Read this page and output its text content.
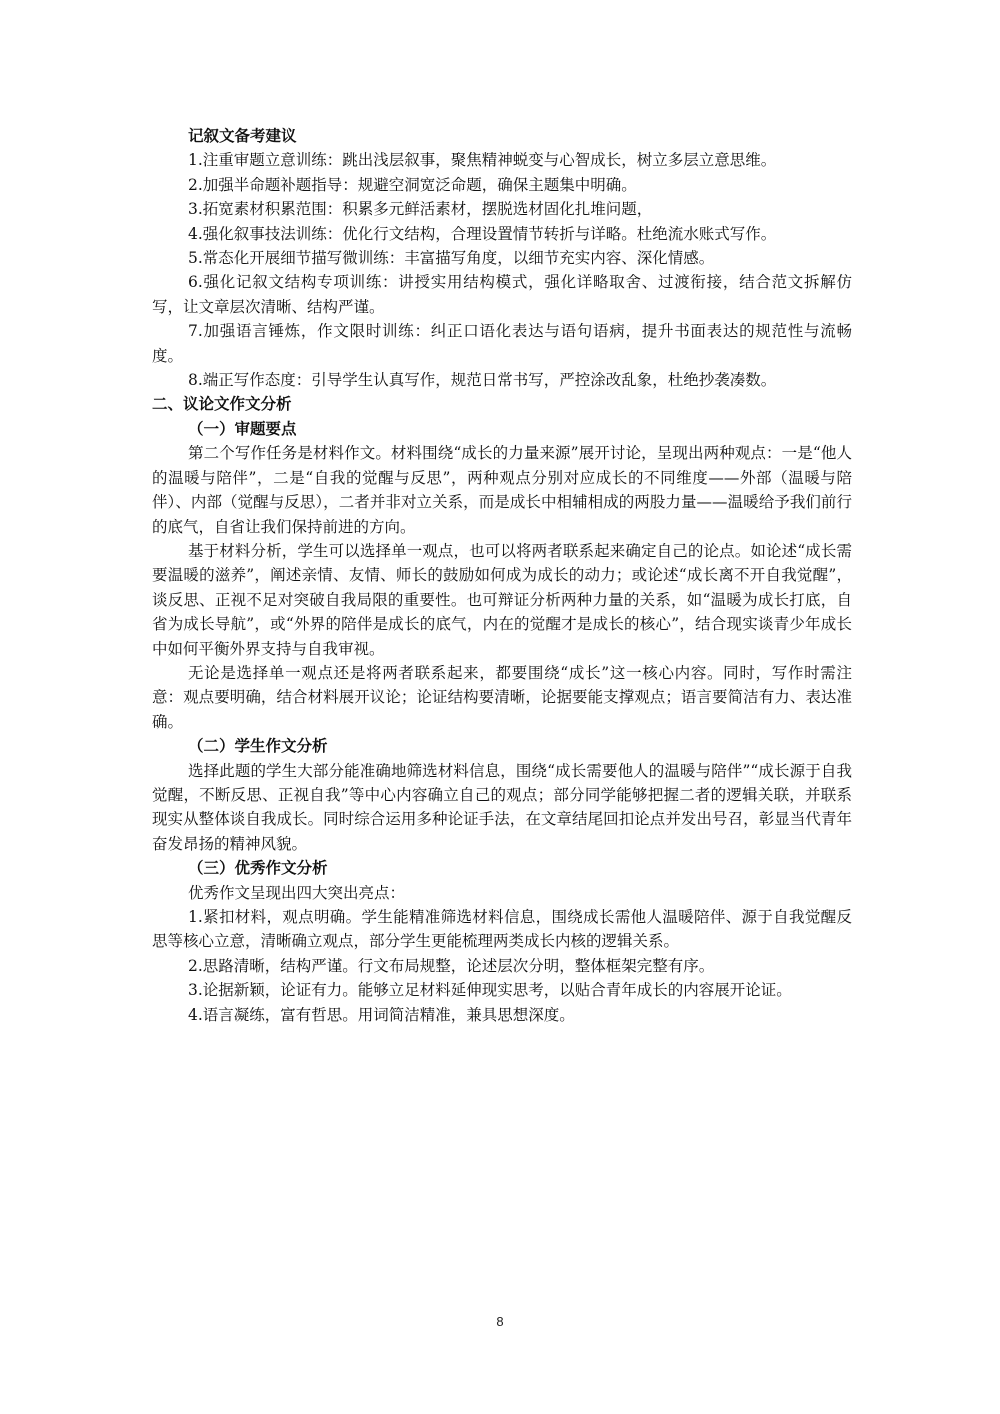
记叙文备考建议

1.注重审题立意训练：跳出浅层叙事，聚焦精神蜕变与心智成长，树立多层立意思维。

2.加强半命题补题指导：规避空洞宽泛命题，确保主题集中明确。

3.拓宽素材积累范围：积累多元鲜活素材，摆脱选材固化扎堆问题，

4.强化叙事技法训练：优化行文结构，合理设置情节转折与详略。杜绝流水账式写作。

5.常态化开展细节描写微训练：丰富描写角度，以细节充实内容、深化情感。

6.强化记叙文结构专项训练：讲授实用结构模式，强化详略取舍、过渡衔接，结合范文拆解仿写，让文章层次清晰、结构严谨。

7.加强语言锤炼，作文限时训练：纠正口语化表达与语句语病，提升书面表达的规范性与流畅度。

8.端正写作态度：引导学生认真写作，规范日常书写，严控涂改乱象，杜绝抄袭凑数。

二、议论文作文分析

（一）审题要点

第二个写作任务是材料作文。材料围绕“成长的力量来源”展开讨论，呈现出两种观点：一是“他人的温暖与陪伴”，二是“自我的觉醒与反思”，两种观点分别对应成长的不同维度——外部（温暖与陪伴）、内部（觉醒与反思），二者并非对立关系，而是成长中相辅相成的两股力量——温暖给予我们前行的底气，自省让我们保持前进的方向。

基于材料分析，学生可以选择单一观点，也可以将两者联系起来确定自己的论点。如论述“成长需要温暖的滋养”，阐述亲情、友情、师长的鼓励如何成为成长的动力；或论述“成长离不开自我觉醒”，谈反思、正视不足对突破自我局限的重要性。也可辩证分析两种力量的关系，如“温暖为成长打底，自省为成长导航”，或“外界的陪伴是成长的底气，内在的觉醒才是成长的核心”，结合现实谈青少年成长中如何平衡外界支持与自我审视。

无论是选择单一观点还是将两者联系起来，都要围绕“成长”这一核心内容。同时，写作时需注意：观点要明确，结合材料展开议论；论证结构要清晰，论据要能支撑观点；语言要简洁有力、表达准确。

（二）学生作文分析

选择此题的学生大部分能准确地筛选材料信息，围绕“成长需要他人的温暖与陪伴”“成长源于自我觉醒，不断反思、正视自我”等中心内容确立自己的观点；部分同学能够把握二者的逻辑关联，并联系现实从整体谈自我成长。同时综合运用多种论证手法，在文章结尾回扣论点并发出号召，彰显当代青年奋发昂扬的精神风貌。

（三）优秀作文分析

优秀作文呈现出四大突出亮点：

1.紧扣材料，观点明确。学生能精准筛选材料信息，围绕成长需他人温暖陪伴、源于自我觉醒反思等核心立意，清晰确立观点，部分学生更能梳理两类成长内核的逻辑关系。

2.思路清晰，结构严谨。行文布局规整，论述层次分明，整体框架完整有序。

3.论据新颖，论证有力。能够立足材料延伸现实思考，以贴合青年成长的内容展开论证。

4.语言凝练，富有哲思。用词简洁精准，兼具思想深度。

8
